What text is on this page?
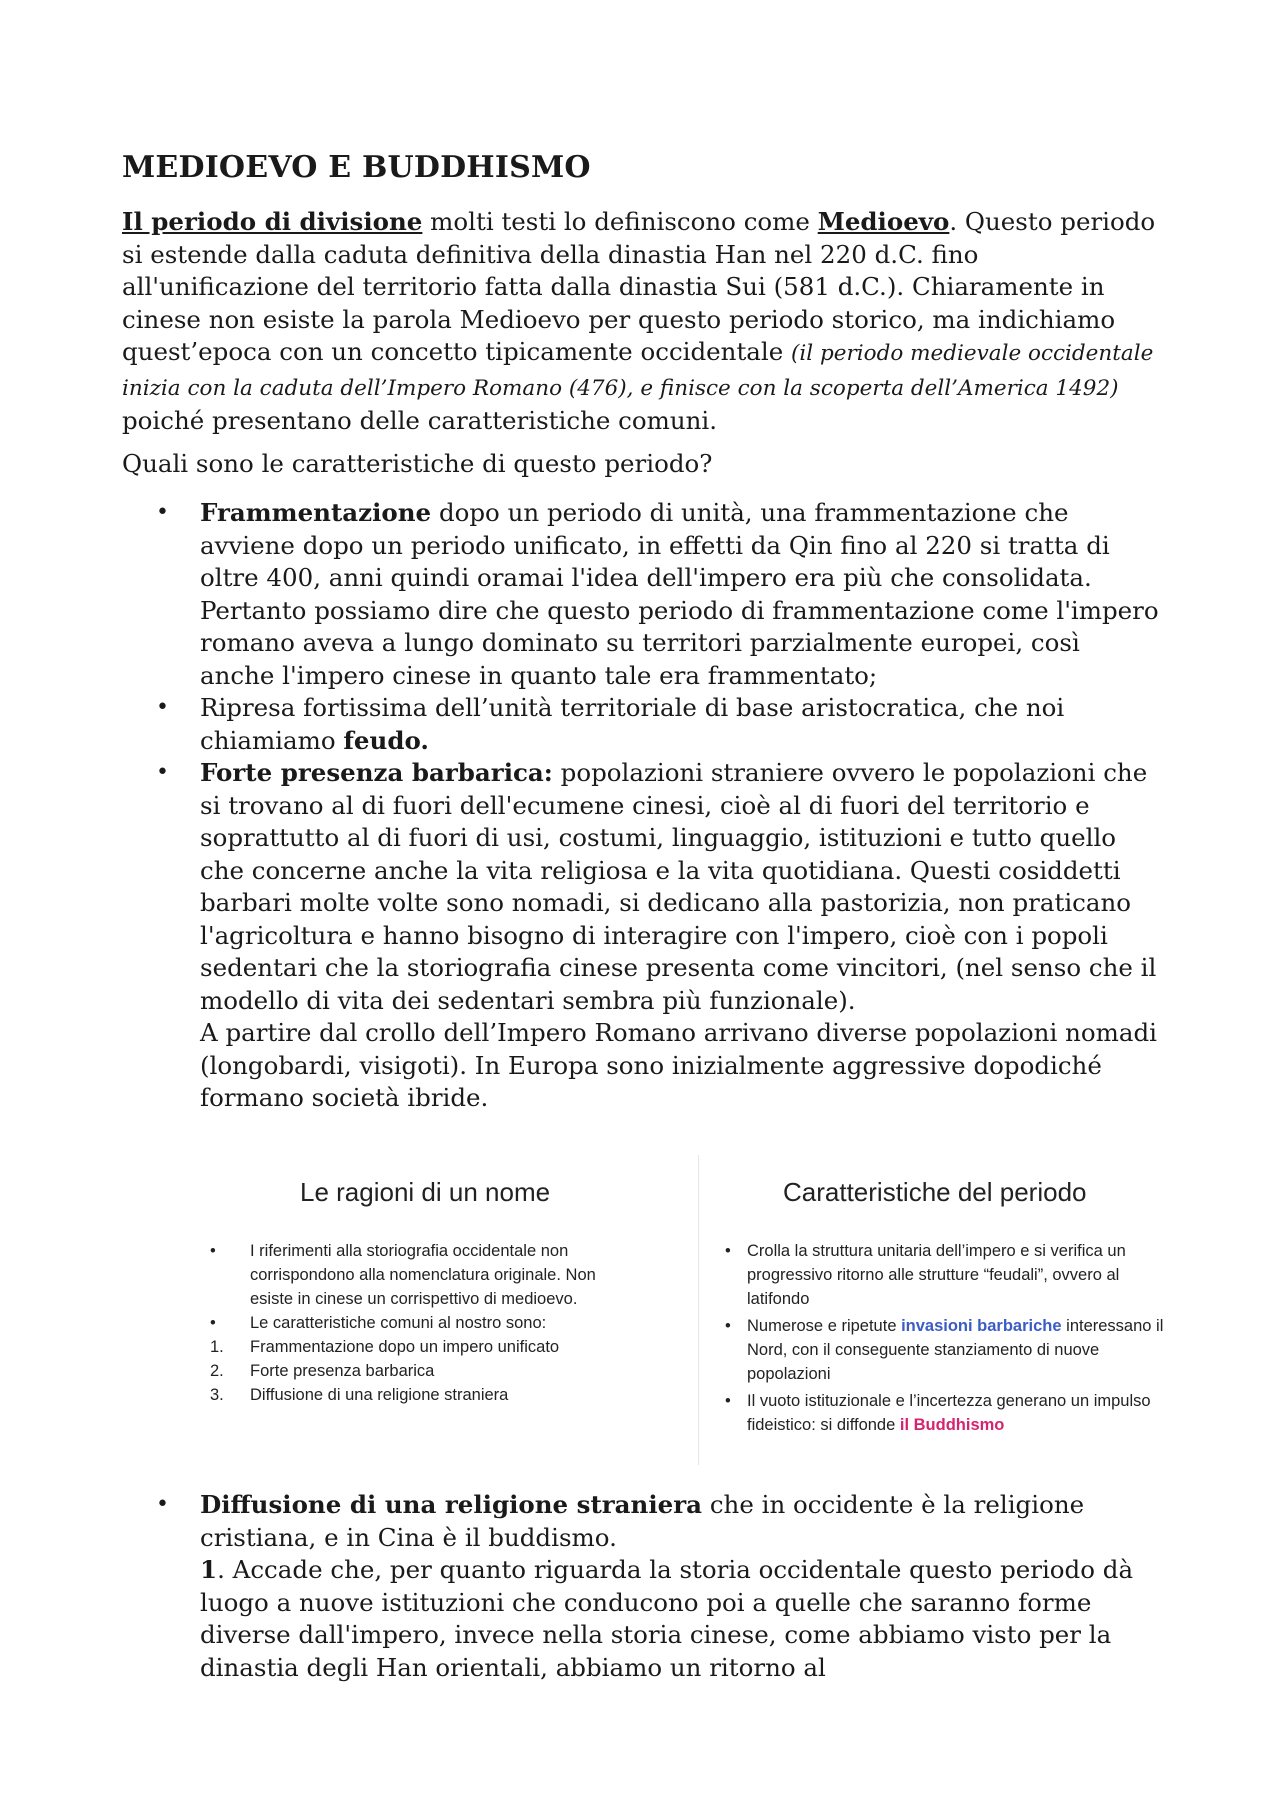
MEDIOEVO E BUDDHISMO

Il periodo di divisione molti testi lo definiscono come Medioevo. Questo periodo si estende dalla caduta definitiva della dinastia Han nel 220 d.C. fino all'unificazione del territorio fatta dalla dinastia Sui (581 d.C.). Chiaramente in cinese non esiste la parola Medioevo per questo periodo storico, ma indichiamo quest’epoca con un concetto tipicamente occidentale (il periodo medievale occidentale inizia con la caduta dell’Impero Romano (476), e finisce con la scoperta dell’America 1492) poiché presentano delle caratteristiche comuni.

Quali sono le caratteristiche di questo periodo?

• Frammentazione dopo un periodo di unità, una frammentazione che avviene dopo un periodo unificato, in effetti da Qin fino al 220 si tratta di oltre 400, anni quindi oramai l'idea dell'impero era più che consolidata. Pertanto possiamo dire che questo periodo di frammentazione come l'impero romano aveva a lungo dominato su territori parzialmente europei, così anche l'impero cinese in quanto tale era frammentato;

• Ripresa fortissima dell’unità territoriale di base aristocratica, che noi chiamiamo feudo.

• Forte presenza barbarica: popolazioni straniere ovvero le popolazioni che si trovano al di fuori dell'ecumene cinesi, cioè al di fuori del territorio e soprattutto al di fuori di usi, costumi, linguaggio, istituzioni e tutto quello che concerne anche la vita religiosa e la vita quotidiana. Questi cosiddetti barbari molte volte sono nomadi, si dedicano alla pastorizia, non praticano l'agricoltura e hanno bisogno di interagire con l'impero, cioè con i popoli sedentari che la storiografia cinese presenta come vincitori, (nel senso che il modello di vita dei sedentari sembra più funzionale).

A partire dal crollo dell’Impero Romano arrivano diverse popolazioni nomadi (longobardi, visigoti). In Europa sono inizialmente aggressive dopodiché formano società ibride.

Le ragioni di un nome
• I riferimenti alla storiografia occidentale non corrispondono alla nomenclatura originale. Non esiste in cinese un corrispettivo di medioevo.
• Le caratteristiche comuni al nostro sono:
1. Frammentazione dopo un impero unificato
2. Forte presenza barbarica
3. Diffusione di una religione straniera
Caratteristiche del periodo
• Crolla la struttura unitaria dell’impero e si verifica un progressivo ritorno alle strutture “feudali”, ovvero al latifondo
• Numerose e ripetute invasioni barbariche interessano il Nord, con il conseguente stanziamento di nuove popolazioni
• Il vuoto istituzionale e l’incertezza generano un impulso fideistico: si diffonde il Buddhismo
• Diffusione di una religione straniera che in occidente è la religione cristiana, e in Cina è il buddismo.

1. Accade che, per quanto riguarda la storia occidentale questo periodo dà luogo a nuove istituzioni che conducono poi a quelle che saranno forme diverse dall'impero, invece nella storia cinese, come abbiamo visto per la dinastia degli Han orientali, abbiamo un ritorno al
